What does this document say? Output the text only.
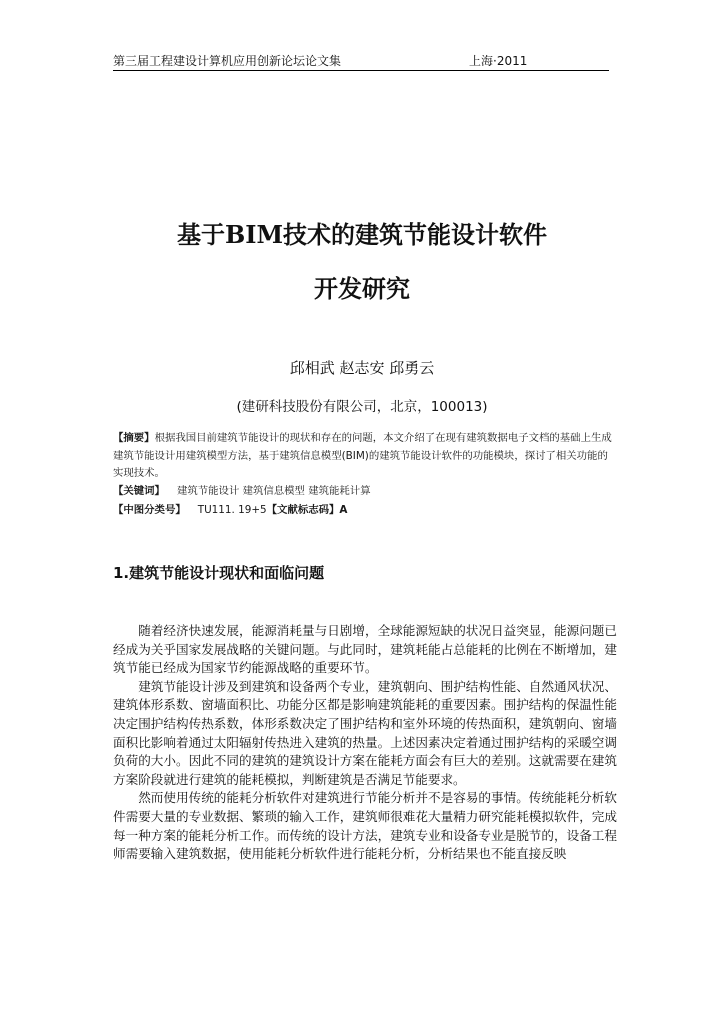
第三届工程建设计算机应用创新论坛论文集	上海·2011
基于BIM技术的建筑节能设计软件
开发研究
邱相武 赵志安 邱勇云
(建研科技股份有限公司，北京，100013)
【摘要】根据我国目前建筑节能设计的现状和存在的问题，本文介绍了在现有建筑数据电子文档的基础上生成建筑节能设计用建筑模型方法，基于建筑信息模型(BIM)的建筑节能设计软件的功能模块，探讨了相关功能的实现技术。
【关键词】 建筑节能设计 建筑信息模型 建筑能耗计算
【中图分类号】 TU111. 19+5【文献标志码】A
1.建筑节能设计现状和面临问题

随着经济快速发展，能源消耗量与日剧增，全球能源短缺的状况日益突显，能源问题已经成为关乎国家发展战略的关键问题。与此同时，建筑耗能占总能耗的比例在不断增加，建筑节能已经成为国家节约能源战略的重要环节。

建筑节能设计涉及到建筑和设备两个专业，建筑朝向、围护结构性能、自然通风状况、建筑体形系数、窗墙面积比、功能分区都是影响建筑能耗的重要因素。围护结构的保温性能决定围护结构传热系数，体形系数决定了围护结构和室外环境的传热面积，建筑朝向、窗墙面积比影响着通过太阳辐射传热进入建筑的热量。上述因素决定着通过围护结构的采暖空调负荷的大小。因此不同的建筑的建筑设计方案在能耗方面会有巨大的差别。这就需要在建筑方案阶段就进行建筑的能耗模拟，判断建筑是否满足节能要求。

然而使用传统的能耗分析软件对建筑进行节能分析并不是容易的事情。传统能耗分析软件需要大量的专业数据、繁琐的输入工作，建筑师很难花大量精力研究能耗模拟软件，完成每一种方案的能耗分析工作。而传统的设计方法，建筑专业和设备专业是脱节的，设备工程师需要输入建筑数据，使用能耗分析软件进行能耗分析，分析结果也不能直接反映
